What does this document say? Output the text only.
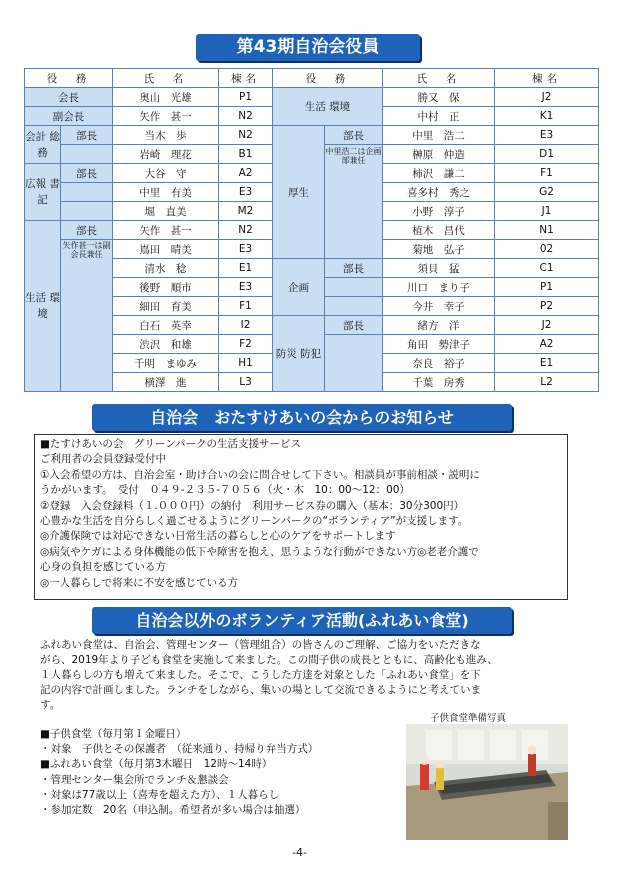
第43期自治会役員
役　務		氏　名	棟名	役　務		氏　名	棟名
会長		奥山　光雄	P1	生活 環境		勝又　保	J2
副会長		矢作　甚一	N2			中村　正	K1
会計 総務	部長	当木　歩	N2	厚生	部長	中里　浩二	E3
		岩崎　理花	B1		中里浩二は企画部兼任	榊原　仲造	D1
広報 書記	部長	大谷　守	A2			柿沢　謙二	F1
		中里　有美	E3			喜多村　秀之	G2
		堀　直美	M2			小野　淳子	J1
生活 環境	部長	矢作　甚一	N2			植木　昌代	N1
	矢作甚一は副会長兼任	嶌田　晴美	E3			菊地　弘子	02
		清水　稔	E1	企画	部長	須貝　猛	C1
		後野　順市	E3			川口　まり子	P1
		細田　育美	F1			今井　幸子	P2
		白石　英幸	I2	防災 防犯	部長	緒方　洋	J2
		渋沢　和雄	F2			角田　勢津子	A2
		千明　まゆみ	H1			奈良　裕子	E1
		横澤　進	L3			千葉　房秀	L2
自治会　おたすけあいの会からのお知らせ
■たすけあいの会　グリーンパークの生活支援サービス
ご利用者の会員登録受付中
①入会希望の方は、自治会室・助け合いの会に問合せして下さい。相談員が事前相談・説明に
うかがいます。　受付　０４９-２３５-７０５６（火・木　10：00～12：00）
②登録　入会登録料（１.０００円）の納付　利用サービス券の購入（基本：30分300円）
心豊かな生活を自分らしく過ごせるようにグリーンパークの“ボランティア”が支援します。
◎介護保険では対応できない日常生活の暮らしと心のケアをサポートします
◎病気やケガによる身体機能の低下や障害を抱え、思うような行動ができない方◎老老介護で
心身の負担を感じている方
◎一人暮らしで将来に不安を感じている方
自治会以外のボランティア活動(ふれあい食堂)
ふれあい食堂は、自治会、管理センター（管理組合）の皆さんのご理解、ご協力をいただきな
がら、2019年より子ども食堂を実施して来ました。この間子供の成長とともに、高齢化も進み、
１人暮らしの方も増えて来ました。そこで、こうした方達を対象とした「ふれあい食堂」を下
記の内容で計画しました。ランチをしながら、集いの場として交流できるようにと考えていま
す。
■子供食堂（毎月第１金曜日）
・対象　子供とその保護者　（従来通り、持帰り弁当方式）
■ふれあい食堂（毎月第3木曜日　12時～14時）
・管理センター集会所でランチ＆懇談会
・対象は77歳以上（喜寿を超えた方）、１人暮らし
・参加定数　20名（申込制。希望者が多い場合は抽選）
子供食堂準備写真
-4-
